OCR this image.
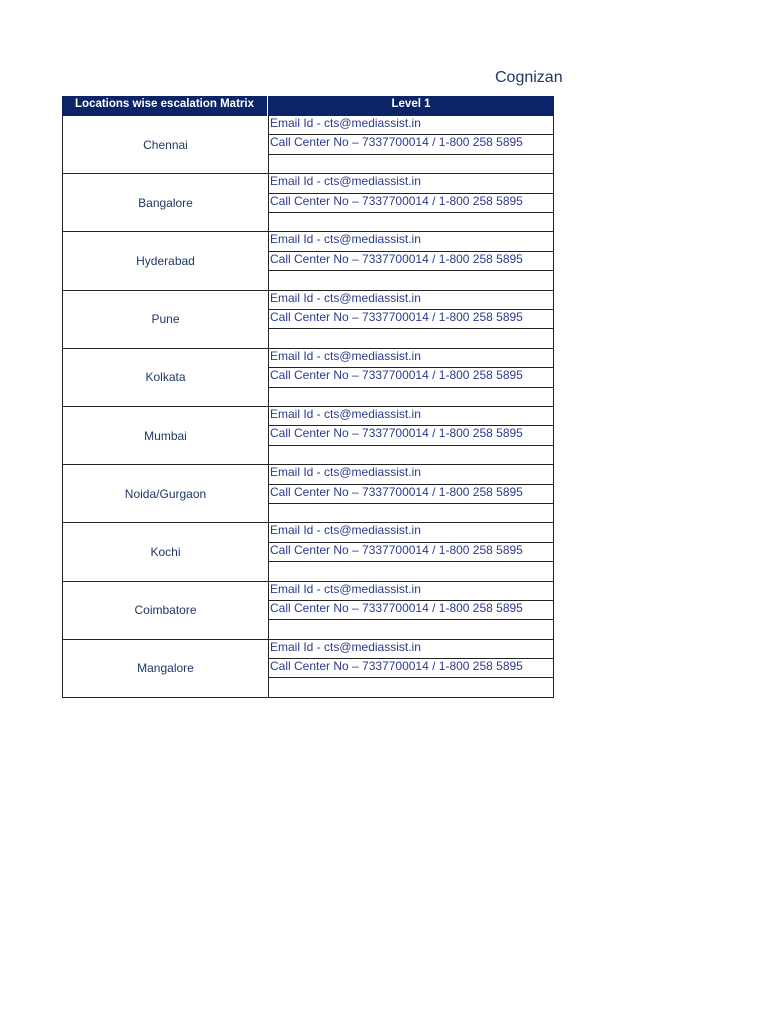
Cognizan
Locations wise escalation Matrix	Level 1
Chennai
Email Id - cts@mediassist.in
Call Center No – 7337700014 / 1-800 258 5895
Bangalore
Email Id - cts@mediassist.in
Call Center No – 7337700014 / 1-800 258 5895
Hyderabad
Email Id - cts@mediassist.in
Call Center No – 7337700014 / 1-800 258 5895
Pune
Email Id - cts@mediassist.in
Call Center No – 7337700014 / 1-800 258 5895
Kolkata
Email Id - cts@mediassist.in
Call Center No – 7337700014 / 1-800 258 5895
Mumbai
Email Id - cts@mediassist.in
Call Center No – 7337700014 / 1-800 258 5895
Noida/Gurgaon
Email Id - cts@mediassist.in
Call Center No – 7337700014 / 1-800 258 5895
Kochi
Email Id - cts@mediassist.in
Call Center No – 7337700014 / 1-800 258 5895
Coimbatore
Email Id - cts@mediassist.in
Call Center No – 7337700014 / 1-800 258 5895
Mangalore
Email Id - cts@mediassist.in
Call Center No – 7337700014 / 1-800 258 5895
